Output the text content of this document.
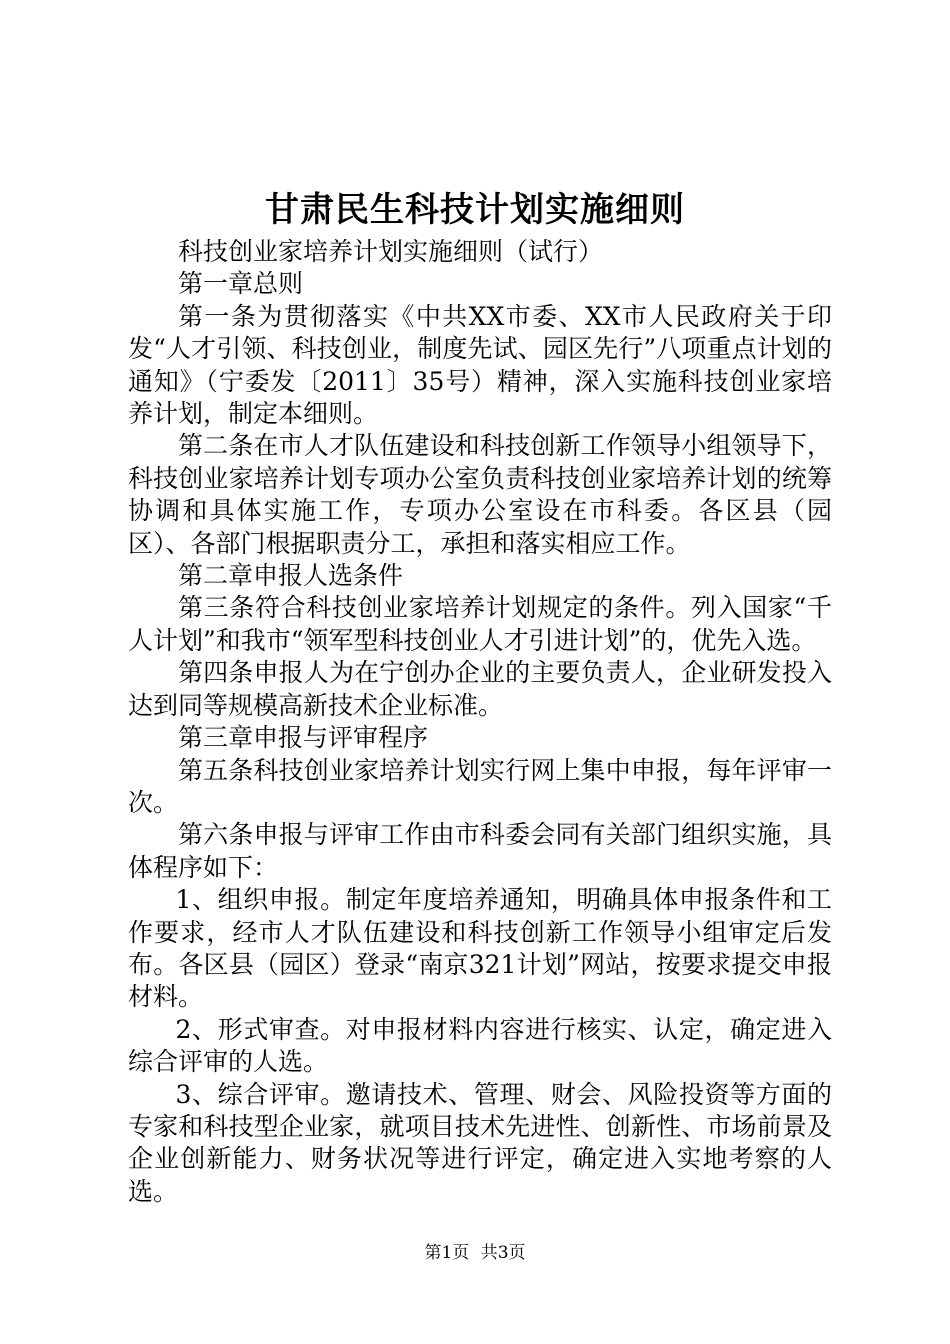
甘肃民生科技计划实施细则

科技创业家培养计划实施细则（试行）

第一章总则

第一条为贯彻落实《中共XX市委、XX市人民政府关于印发“人才引领、科技创业，制度先试、园区先行”八项重点计划的通知》（宁委发〔2011〕35号）精神，深入实施科技创业家培养计划，制定本细则。

第二条在市人才队伍建设和科技创新工作领导小组领导下，科技创业家培养计划专项办公室负责科技创业家培养计划的统筹协调和具体实施工作，专项办公室设在市科委。各区县（园区）、各部门根据职责分工，承担和落实相应工作。

第二章申报人选条件

第三条符合科技创业家培养计划规定的条件。列入国家“千人计划”和我市“领军型科技创业人才引进计划”的，优先入选。

第四条申报人为在宁创办企业的主要负责人，企业研发投入达到同等规模高新技术企业标准。

第三章申报与评审程序

第五条科技创业家培养计划实行网上集中申报，每年评审一次。

第六条申报与评审工作由市科委会同有关部门组织实施，具体程序如下：

1、组织申报。制定年度培养通知，明确具体申报条件和工作要求，经市人才队伍建设和科技创新工作领导小组审定后发布。各区县（园区）登录“南京321计划”网站，按要求提交申报材料。

2、形式审查。对申报材料内容进行核实、认定，确定进入综合评审的人选。

3、综合评审。邀请技术、管理、财会、风险投资等方面的专家和科技型企业家，就项目技术先进性、创新性、市场前景及企业创新能力、财务状况等进行评定，确定进入实地考察的人选。

第1页 共3页
